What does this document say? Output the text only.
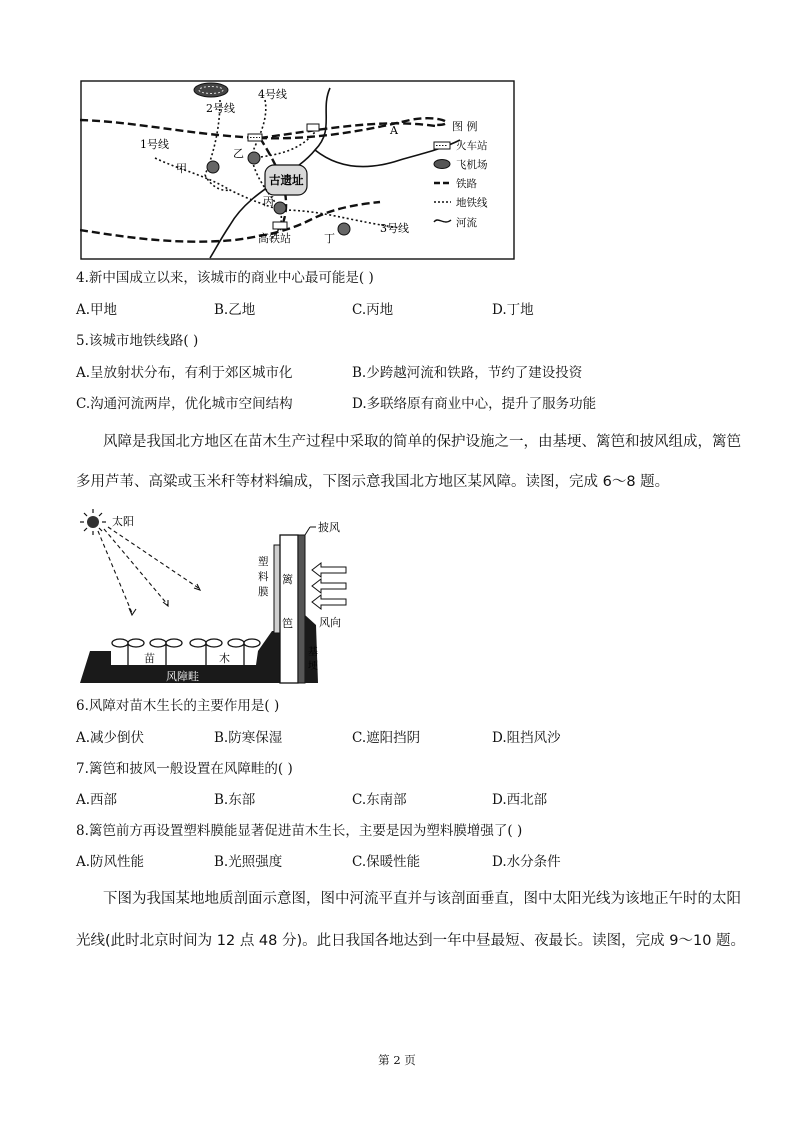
4号线
2号线
1号线
3号线
A
乙
甲
丙
丁
古遗址
高铁站
图 例
火车站
飞机场
铁路
地铁线
河流
4.新中国成立以来，该城市的商业中心最可能是( )
A.甲地	B.乙地	C.丙地	D.丁地
5.该城市地铁线路( )
A.呈放射状分布，有利于郊区城市化	B.少跨越河流和铁路，节约了建设投资
C.沟通河流两岸，优化城市空间结构	D.多联络原有商业中心，提升了服务功能
风障是我国北方地区在苗木生产过程中采取的简单的保护设施之一，由基埂、篱笆和披风组成，篱笆
多用芦苇、高粱或玉米秆等材料编成，下图示意我国北方地区某风障。读图，完成 6～8 题。
太阳
风障畦
苗	木
塑
料
膜
篱
笆
披风
基
埂
风向
6.风障对苗木生长的主要作用是( )
A.减少倒伏	B.防寒保湿	C.遮阳挡阴	D.阻挡风沙
7.篱笆和披风一般设置在风障畦的( )
A.西部	B.东部	C.东南部	D.西北部
8.篱笆前方再设置塑料膜能显著促进苗木生长，主要是因为塑料膜增强了( )
A.防风性能	B.光照强度	C.保暖性能	D.水分条件
下图为我国某地地质剖面示意图，图中河流平直并与该剖面垂直，图中太阳光线为该地正午时的太阳
光线(此时北京时间为 12 点 48 分)。此日我国各地达到一年中昼最短、夜最长。读图，完成 9～10 题。
第 2 页
